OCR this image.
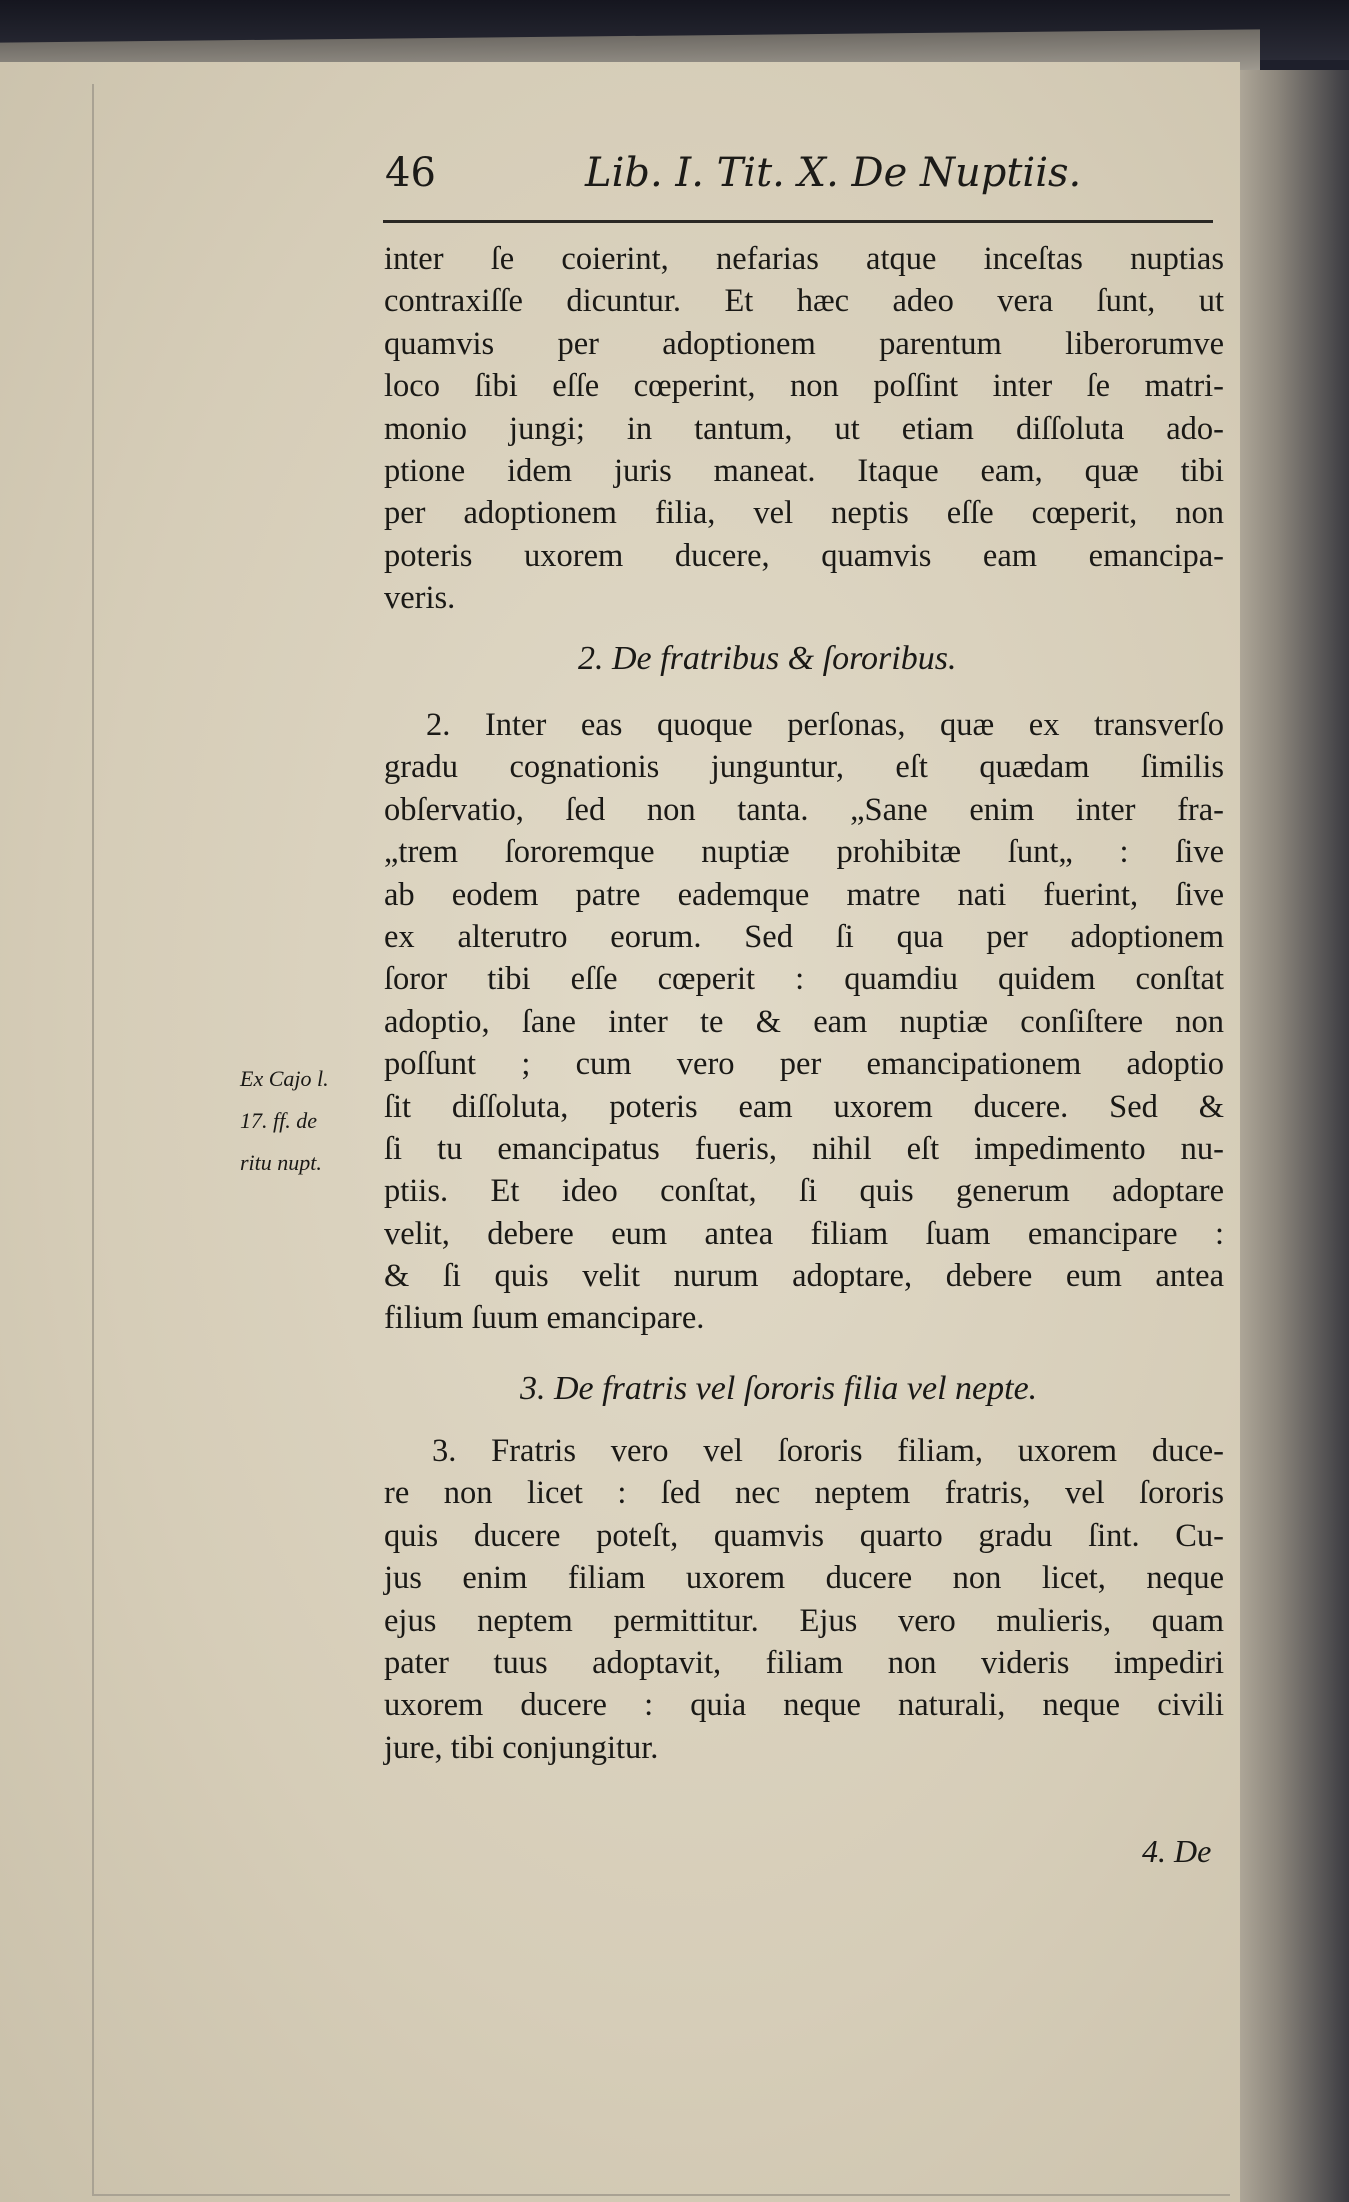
46	Lib. I. Tit. X. De Nuptiis.
inter ſe coierint, nefarias atque inceſtas nuptias
contraxiſſe dicuntur. Et hæc adeo vera ſunt, ut
quamvis per adoptionem parentum liberorumve
loco ſibi eſſe cœperint, non poſſint inter ſe matri-
monio jungi; in tantum, ut etiam diſſoluta ado-
ptione idem juris maneat. Itaque eam, quæ tibi
per adoptionem filia, vel neptis eſſe cœperit, non
poteris uxorem ducere, quamvis eam emancipa-
veris.
2. De fratribus & ſororibus.
2. Inter eas quoque perſonas, quæ ex transverſo
gradu cognationis junguntur, eſt quædam ſimilis
obſervatio, ſed non tanta. „Sane enim inter fra-
„trem ſororemque nuptiæ prohibitæ ſunt„ : ſive
ab eodem patre eademque matre nati fuerint, ſive
ex alterutro eorum. Sed ſi qua per adoptionem
ſoror tibi eſſe cœperit : quamdiu quidem conſtat
adoptio, ſane inter te & eam nuptiæ conſiſtere non
poſſunt ; cum vero per emancipationem adoptio
ſit diſſoluta, poteris eam uxorem ducere. Sed &
ſi tu emancipatus fueris, nihil eſt impedimento nu-
ptiis. Et ideo conſtat, ſi quis generum adoptare
velit, debere eum antea filiam ſuam emancipare :
& ſi quis velit nurum adoptare, debere eum antea
filium ſuum emancipare.
Ex Cajo l.
17. ff. de
ritu nupt.
3. De fratris vel ſororis filia vel nepte.
3. Fratris vero vel ſororis filiam, uxorem duce-
re non licet : ſed nec neptem fratris, vel ſororis
quis ducere poteſt, quamvis quarto gradu ſint. Cu-
jus enim filiam uxorem ducere non licet, neque
ejus neptem permittitur. Ejus vero mulieris, quam
pater tuus adoptavit, filiam non videris impediri
uxorem ducere : quia neque naturali, neque civili
jure, tibi conjungitur.
4. De
